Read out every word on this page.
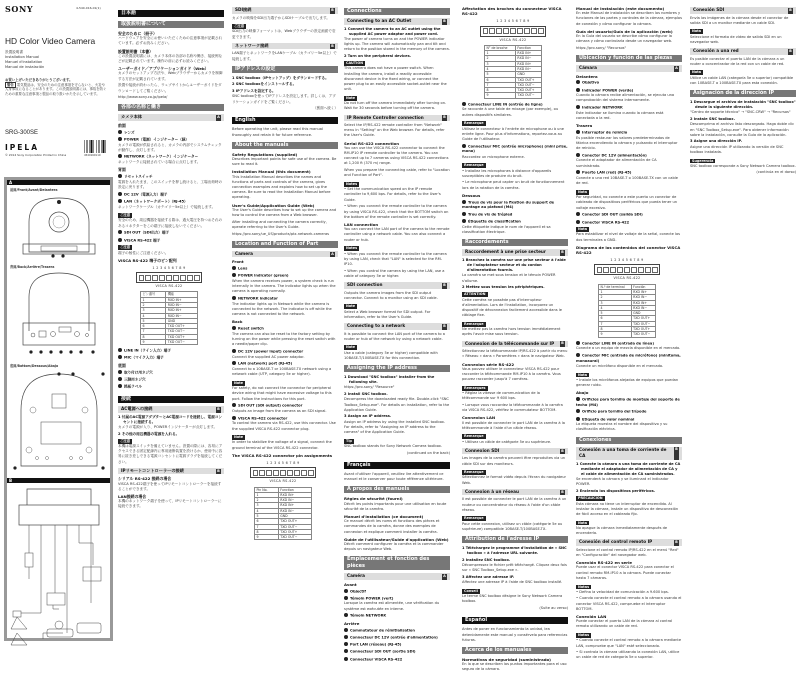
SONY	4-540-016-01(1)
HD Color Video Camera
設置説明書
Installation Manual
Manuel d'installation
Manual de instalación
お買い上げいただきありがとうございます。
警告 電気製品は、安全のための注意事項を守らないと、火災や人身事故になることがあります。この設置説明書には、事故を防ぐための重要な注意事項と製品の取り扱いかたを示しています。
SRG-300SE
IPELA
© 2014 Sony Corporation Printed in China	4540160110
A
前面/Front/Avant/Delantera
背面/Back/Arrière/Trasera
底面/Bottom/Dessous/Abajo
B
日本語
取扱説明書について
安全のために（冊子）
ハードウェアを安全にお使いいただくための注意事項が記載されています。必ずお読みください。
設置説明書（本書）
この設置説明書には、カメラ本体の各部の名称や働き、接続例などが記載されています。操作の前に必ずお読みください。
ユーザーガイド／アプリケーションガイド（Web）
カメラのセットアップ方法や、Webブラウザーからカメラを制御する方法が記載されています。
設置や接続が終わったら、ウェブサイトからユーザーガイドをダウンロードしてご覧ください。
http://www.sony.co.jp/ipela/
各部の名称と働き
カメラ本体	A
前面
レンズ
POWER（電源）インジケーター（緑）
カメラの電源が供給されると、カメラの内部でシステムチェックが動作し、点灯します。
NETWORK（ネットワーク）インジケーター
ネットワークに接続されている場合に点灯します。
背面
リセットスイッチ
電源を入れたまま、このスイッチを押し続けると、工場出荷時の設定に戻ります。
DC 12V（電源入力）端子
LAN（ネットワークポート）（RJ-45）
ネットワークケーブル（カテゴリー5e以上）で接続します。
ご注意
安全のため、周辺機器を接続する際は、過大電圧を持つおそれのあるコネクターをこの端子に接続しないでください。
SDI OUT（SDI出力）端子
VISCA RS-422 端子
ご注意
端子の極性にご注意ください。
VISCA RS-422 端子のピン配列
1 2 3 4 5 6 7 8 9
VISCA RS-422
ピン番号	機能
1	RXD IN+
2	RXD IN−
3	RXD IN+
4	RXD IN−
5	GND
6	TXD OUT+
7	TXD OUT−
8	TXD OUT+
9	TXD OUT−
LINE IN（ライン入力）端子
MIC（マイク入力）端子
底面
取り付け用ネジ穴
三脚用ネジ穴
銘板ラベル
接続
AC電源への接続	B
1 付属のAC電源アダプターとAC電源コードを接続し、電源コンセントに接続する。
カメラの電源が入り、POWERインジケーターが点灯します。
2 その他の周辺機器の電源を入れる。
ご注意
本機は電源スイッチを備えていません。設置の際には、容易にアクセスできる固定配線内に専用遮断装置を設けるか、使用中に容易に抜き差しできる電源コンセントに電源プラグを接続してください。
IPリモートコントローラーの接続	B
シリアル RS-422 接続の場合
VISCA RS-422端子を使ってIPリモートコントローラーを接続することができます。
LAN接続の場合
本機のネットワーク端子を使って、IPリモートコントローラーに接続できます。
SDI接続	B
カメラの映像をSDI出力端子からSDIケーブルで出力します。
ご注意
SDI出力の映像フォーマットは、Webブラウザーの設定画面で変更できます。
ネットワーク接続	B
LAN端子とネットワークをLANケーブル（カテゴリー5e以上）で接続します。
IPアドレスの設定
1 SNC toolbox（IPセットアップ）をダウンロードする。
2 SNC toolboxをインストールする。
3 IPアドレスを設定する。
SNC toolboxを使ってIPアドレスを設定します。詳しくは、アプリケーションガイドをご覧ください。
（裏面へ続く）
English
Before operating the unit, please read this manual thoroughly and retain it for future reference.
About the manuals
Safety Regulations (supplied)
Describes important points for safe use of the camera. Be sure to read it.
Installation Manual (this document)
This Installation Manual describes the names and functions of parts and controls of the camera, gives connection examples and explains how to set up the camera. Be sure to read the Installation Manual before operating.
User's Guide/Application Guide (Web)
The User's Guide describes how to set up the camera and how to control the camera from a Web browser.
After installing and connecting the camera correctly, operate referring to the User's Guide.
https://pro.sony/ue_US/products/ptz-network-cameras
Location and Function of Part
Camera	A
Front
Lens
POWER indicator (green)
When the camera receives power, a system check is run internally in the camera. The indicator lights up when the camera is operating normally.
NETWORK indicator
The indicator lights up in Network while the camera is connected to the network. The indicator is off while the camera is not connected to the network.
Back
Reset switch
The camera can also be reset to the factory setting by turning on the power while pressing the reset switch with a needle/paper clip.
DC 12V (power input) connector
Connect the supplied AC power adaptor.
LAN (network) port (RJ-45)
Connect to a 10BASE-T or 100BASE-TX network using a network cable (UTP, category 5e or higher).
Note
For safety, do not connect the connector for peripheral device wiring that might have excessive voltage to this port. Follow the instructions for this port.
SDI OUT (SDI output) connector
Outputs an image from the camera as an SDI signal.
VISCA RS-422 connector
To control the camera via RS-422, use this connector. Use the supplied VISCA RS-422 connector plug.
Note
In order to stabilize the voltage of a signal, connect the ground terminal of the VISCA RS-422 connector.
The VISCA RS-422 connector pin assignments
1 2 3 4 5 6 7 8 9
VISCA RS-422
Pin No.	Function
1	RXD IN+
2	RXD IN−
3	RXD IN+
4	RXD IN−
5	GND
6	TXD OUT+
7	TXD OUT−
8	TXD OUT+
9	TXD OUT−
Connections
Connecting to an AC Outlet	B
1 Connect the camera to an AC outlet using the supplied AC power adaptor and power cord.
The power of camera turns on and the POWER indicator lights up. The camera will automatically pan and tilt and return to the position stored in the memory of the camera.
2 Turn on the peripheral devices.
CAUTION
This camera does not have a power switch. When installing the camera, install a readily accessible disconnect device in the fixed wiring, or connect the power plug to an easily accessible socket-outlet near the unit.
Note
Do not turn off the camera immediately after turning on. Wait for 30 seconds before turning off the camera.
IP Remote Controller connection	B
Select the IP/RS-422 remote controller from "Network" menu in "Setting" on the Web browser. For details, refer the User's Guide.
Serial RS-422 connection
You can use the VISCA RS-422 connector to connect the RM-IP10 IP remote controller to the camera. You can connect up to 7 cameras using VISCA RS-422 connections at 1,200 ft (370 m) range.
When you prepare the connecting cable, refer to "Location and Function of Part".
Notes
• Set the communication speed on the IP remote controller to 9,600 bps. For details, refer to the User's Guide.
• When you connect the remote controller to the camera by using VISCA RS-422, check that the BOTTOM switch on the bottom of the remote controller is set correctly.
LAN connection
You can connect the LAN port of the camera to the remote controller using a network cable. You can also connect a router or hub.
Notes
• When you connect the remote controller to the camera by using LAN, check that "LAN" is selected for the RM-IP10.
• When you control the camera by using the LAN, use a cable of category 5e or higher.
SDI connection	B
Outputs the camera images from the SDI output connector. Connect to a monitor using an SDI cable.
Note
Select a Web browser format for SDI output. For information, refer to the User's Guide.
Connecting to a network	B
It is possible to connect the LAN port of the camera to a router or hub of the network by using a network cable.
Note
Use a cable (category 5e or higher) compatible with 10BASE-T/100BASE-TX for this connection.
Assigning the IP address
1 Download "SNC toolbox" installer from the following site.
https://pro.sony/ "Resource"
2 Install SNC toolbox.
Decompress the downloaded ready file. Double-click "SNC Toolbox_Setup.exe". For details on installation, refer to the Application Guide.
3 Assign an IP address.
Assign an IP address by using the installed SNC toolbox. For details, refer to "Assigning an IP address to the camera" of the Application Guide.
Tip
SNC toolbox stands for Sony Network Camera toolbox.
(continued on the back)
Français
Avant d'utiliser l'appareil, veuillez lire attentivement ce manuel et le conserver pour toute référence ultérieure.
À propos des manuels
Règles de sécurité (fourni)
Décrit les points importants pour une utilisation en toute sécurité de la caméra.
Manuel d'installation (ce document)
Ce manuel décrit les noms et fonctions des pièces et commandes de la caméra, donne des exemples de connexion et explique comment installer la caméra.
Guide de l'utilisateur/Guide d'application (Web)
Décrit comment configurer la caméra et la commander depuis un navigateur Web.
Emplacement et fonction des pièces
Caméra	A
Avant
Objectif
Témoin POWER (vert)
Lorsque la caméra est alimentée, une vérification du système est exécutée en interne.
Témoin NETWORK
Arrière
Commutateur de réinitialisation
Connecteur DC 12V (entrée d'alimentation)
Port LAN (réseau) (RJ-45)
Connecteur SDI OUT (sortie SDI)
Connecteur VISCA RS-422
Affectation des broches du connecteur VISCA RS-422
1 2 3 4 5 6 7 8 9
VISCA RS-422
N° de broche	Fonction
1	RXD IN+
2	RXD IN−
3	RXD IN+
4	RXD IN−
5	GND
6	TXD OUT+
7	TXD OUT−
8	TXD OUT+
9	TXD OUT−
Connecteur LINE IN (entrée de ligne)
Se raccorde à une table de mixage (par exemple), ou autres dispositifs similaires.
Remarque
Utilisez le connecteur à l'entrée de microphone ou à une entrée ligne. Pour plus d'informations, reportez-vous au Guide de l'utilisateur.
Connecteur MIC (entrée microphone) (mini prise, mono)
Raccordez un microphone externe.
Remarque
• Installez les microphones à distance d'appareils susceptibles de produire du bruit.
• Le microphone peut capter un bruit de fonctionnement lors de la rotation de la caméra.
Dessous
Trous de vis pour la fixation du support de montage au plafond (M4)
Trou de vis de trépied
Étiquette de classification
Cette étiquette indique le nom de l'appareil et sa classification électrique.
Raccordements
Raccordement à une prise secteur	B
1 Branchez la caméra sur une prise secteur à l'aide de l'adaptateur secteur et du cordon d'alimentation fournis.
La caméra se met sous tension et le témoin POWER s'allume.
2 Mettez sous tension les périphériques.
ATTENTION
Cette caméra ne possède pas d'interrupteur d'alimentation. Lors de l'installation, incorporez un dispositif de déconnexion facilement accessible dans le câblage fixe.
Remarque
Ne mettez pas la caméra hors tension immédiatement après l'avoir mise sous tension.
Connexion de la télécommande sur IP	B
Sélectionnez la télécommande IP/RS-422 à partir du menu « Réseau » dans « Paramètres » dans le navigateur Web.
Connexion série RS-422
Vous pouvez utiliser le connecteur VISCA RS-422 pour raccorder la télécommande RM-IP10 à la caméra. Vous pouvez raccorder jusqu'à 7 caméras.
Remarques
• Réglez la vitesse de communication de la télécommande sur 9 600 bps.
• Lorsque vous raccordez la télécommande à la caméra via VISCA RS-422, vérifiez le commutateur BOTTOM.
Connexion LAN
Il est possible de connecter le port LAN de la caméra à la télécommande à l'aide d'un câble réseau.
Remarque
• Utilisez un câble de catégorie 5e ou supérieure.
Connexion SDI	B
Les images de la caméra peuvent être reproduites via un câble SDI sur des moniteurs.
Remarque
Sélectionnez le format vidéo depuis l'écran du navigateur Web.
Connexion à un réseau	B
Il est possible de connecter le port LAN de la caméra à un routeur ou concentrateur du réseau à l'aide d'un câble réseau.
Remarque
Pour cette connexion, utilisez un câble (catégorie 5e ou supérieure) compatible 10BASE-T/100BASE-TX.
Attribution de l'adresse IP
1 Téléchargez le programme d'installation de « SNC toolbox » à l'adresse URL suivante.
2 Installez SNC toolbox.
Décompressez le fichier prêt téléchargé. Cliquez deux fois sur « SNC Toolbox_Setup.exe ».
3 Affectez une adresse IP.
Affectez une adresse IP à l'aide de SNC toolbox installé.
Conseil
Le terme SNC toolbox désigne le Sony Network Camera toolbox.
(Suite au verso)
Español
Antes de poner en funcionamiento la unidad, lea detenidamente este manual y consérvelo para referencias futuras.
Acerca de los manuales
Normativas de seguridad (suministrado)
En la que se describen los puntos importantes para el uso seguro de la cámara.
Manual de instalación (este documento)
En este Manual de instalación se describen los nombres y funciones de las partes y controles de la cámara, ejemplos de conexión y cómo configurar la cámara.
Guía del usuario/Guía de la aplicación (web)
En la Guía del usuario se describe cómo configurar la cámara y cómo controlarla desde un navegador web.
https://pro.sony/ "Recursos"
Ubicación y función de las piezas
Cámara	A
Delantera
Objetivo
Indicador POWER (verde)
Cuando la cámara recibe alimentación, se ejecuta una comprobación del sistema internamente.
Indicador NETWORK
Este indicador se ilumina cuando la cámara está conectada a la red.
Trasera
Interruptor de reinicio
Es posible restaurar los valores predeterminados de fábrica encendiendo la cámara y pulsando el interruptor de reinicio.
Conector DC 12V (alimentación)
Conecte el adaptador de alimentación de CA suministrado.
Puerto LAN (red) (RJ-45)
Conecte a una red 10BASE-T o 100BASE-TX con un cable de red.
Nota
Por seguridad, no conecte a este puerto un conector de cableado de dispositivos periféricos que pueda tener un voltaje excesivo.
Conector SDI OUT (salida SDI)
Conector VISCA RS-422
Nota
Para estabilizar el nivel de voltaje de la señal, conecte los dos terminales a GND.
Diagrama de los contenidos del conector VISCA RS-422
1 2 3 4 5 6 7 8 9
VISCA RS-422
N.º de terminal	Función
1	RXD IN+
2	RXD IN−
3	RXD IN+
4	RXD IN−
5	GND
6	TXD OUT+
7	TXD OUT−
8	TXD OUT+
9	TXD OUT−
Conector LINE IN (entrada de línea)
Conecte a un equipo de mezcla disponible en el mercado.
Conector MIC (entrada de micrófono) (minitoma, monoaural)
Conecte un micrófono disponible en el mercado.
Nota
• Instale los micrófonos alejados de equipos que puedan generar ruido.
Abajo
Orificios para tornillo de montaje del soporte de techo (M4)
Orificio para tornillo del trípode
Etiqueta de valor nominal
La etiqueta muestra el nombre del dispositivo y su clasificación eléctrica.
Conexiones
Conexión a una toma de corriente de CA
B
1 Conecte la cámara a una toma de corriente de CA mediante el adaptador de alimentación de CA y el cable de alimentación de CA suministrados.
Se encenderá la cámara y se iluminará el indicador POWER.
2 Encienda los dispositivos periféricos.
PRECAUCIÓN
Esta cámara no tiene un interruptor de encendido. Al instalar la cámara, instale un dispositivo de desconexión de fácil acceso en el cableado fijo.
Nota
No apague la cámara inmediatamente después de encenderla.
Conexión del control remoto IP	B
Seleccione el control remoto IP/RS-422 en el menú "Red" en "Configuración" del navegador web.
Conexión RS-422 en serie
Puede usar el conector VISCA RS-422 para conectar el control remoto RM-IP10 a la cámara. Puede conectar hasta 7 cámaras.
Notas
• Defina la velocidad de comunicación a 9.600 bps.
• Cuando conecte el control remoto a la cámara usando el conector VISCA RS-422, compruebe el interruptor BOTTOM.
Conexión LAN
Puede conectar el puerto LAN de la cámara al control remoto utilizando un cable de red.
Notas
• Cuando conecte el control remoto a la cámara mediante LAN, compruebe que "LAN" esté seleccionado.
• Si controla la cámara utilizando la conexión LAN, utilice un cable de red de categoría 5e o superior.
Conexión SDI	B
Envía las imágenes de la cámara desde el conector de salida SDI a un monitor mediante un cable SDI.
Nota
Seleccione el formato de vídeo de salida SDI en un navegador web.
Conexión a una red	B
Es posible conectar el puerto LAN de la cámara a un router o concentrador de la red con un cable de red.
Nota
Utilice un cable LAN (categoría 5e o superior) compatible con 10BASE-T o 100BASE-TX para esta conexión.
Asignación de la dirección IP
1 Descargue el archivo de instalación "SNC toolbox" desde la siguiente dirección.
"Centro de soporte técnico" → "SNC-CRW" → "Recursos"
2 Instale SNC toolbox.
Descomprima el archivo listo descargado. Haga doble clic en "SNC Toolbox_Setup.exe". Para obtener información sobre la instalación, consulte la Guía de la aplicación.
3 Asigne una dirección IP.
Asigne una dirección IP utilizando la versión de SNC toolbox instalada.
Sugerencia
SNC toolbox corresponde a Sony Network Camera toolbox.
(continúa en el dorso)
